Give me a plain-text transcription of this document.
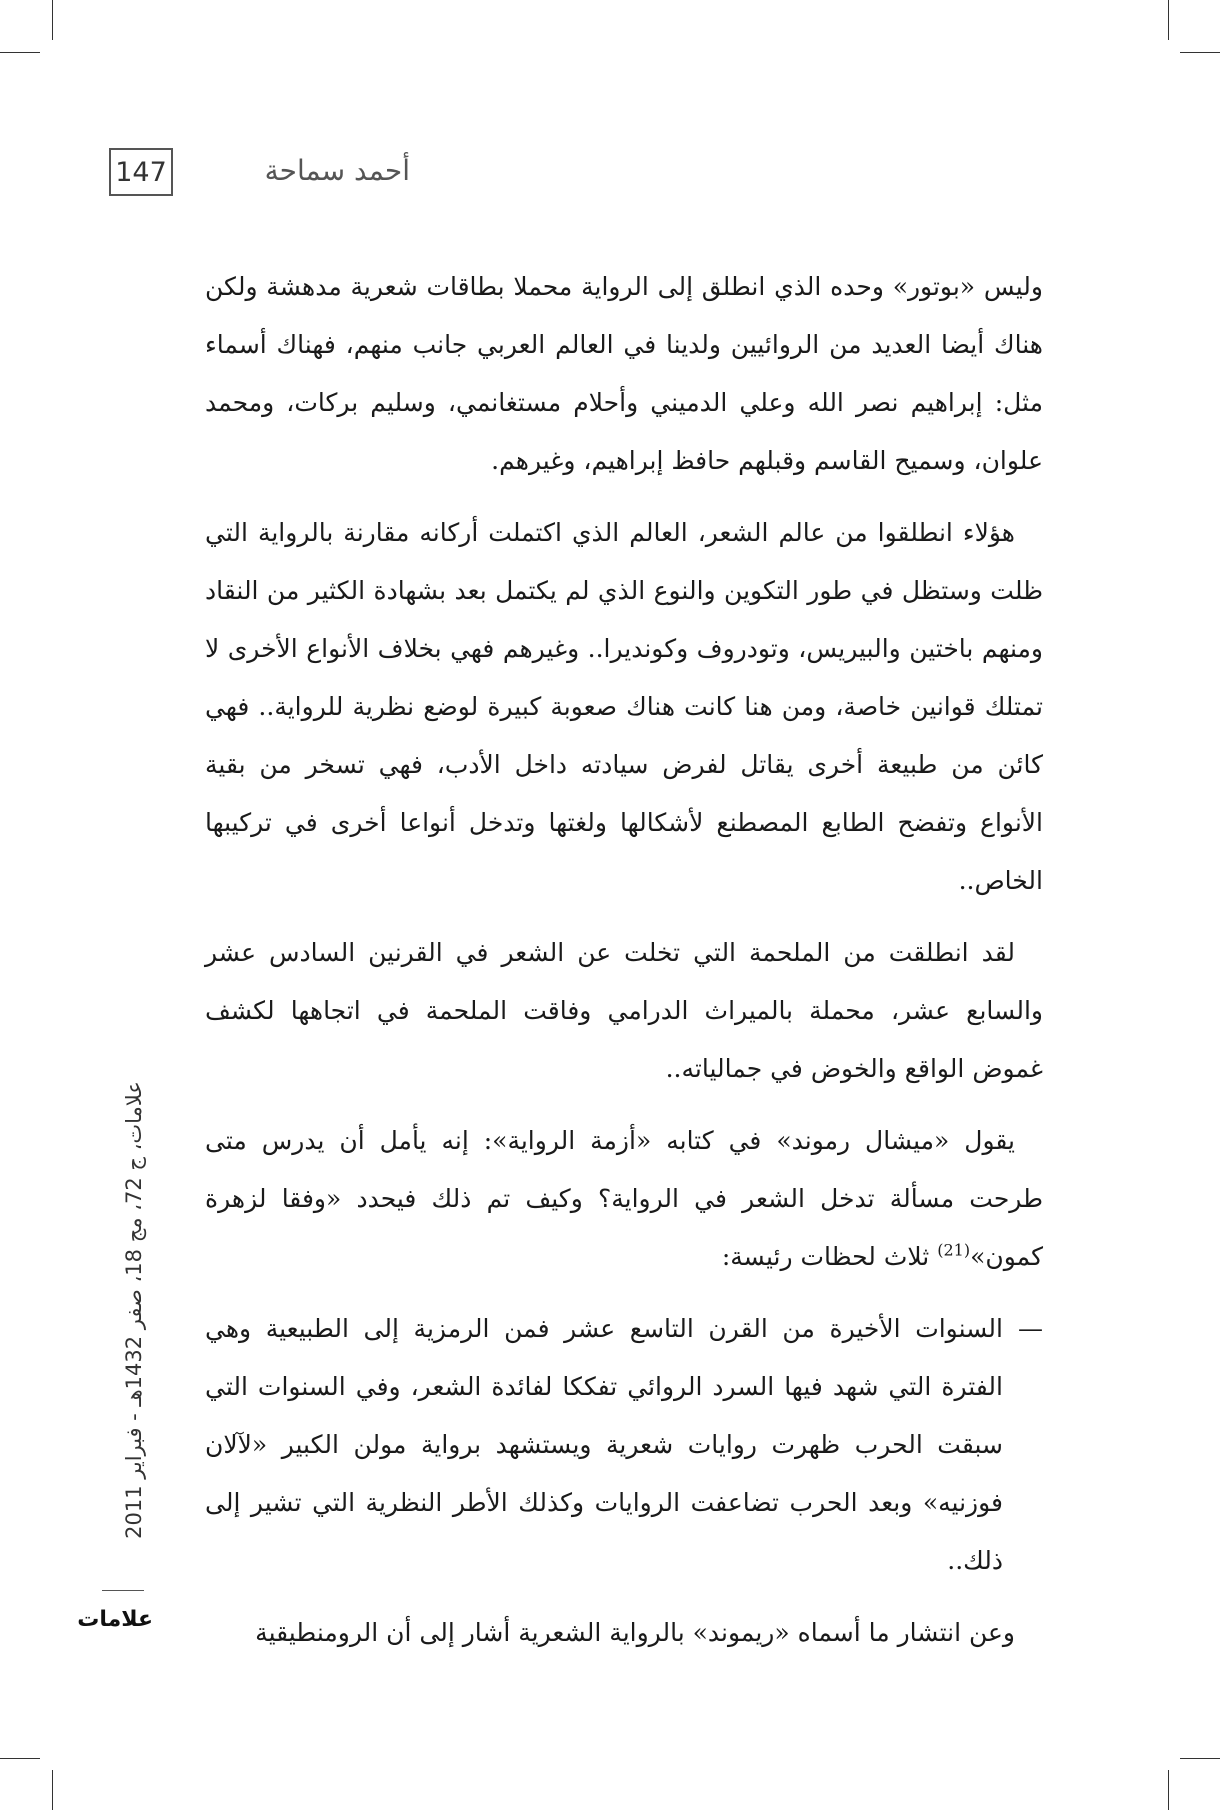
147	أحمد سماحة

وليس «بوتور» وحده الذي انطلق إلى الرواية محملا بطاقات شعرية مدهشة ولكن هناك أيضا العديد من الروائيين ولدينا في العالم العربي جانب منهم، فهناك أسماء مثل: إبراهيم نصر الله وعلي الدميني وأحلام مستغانمي، وسليم بركات، ومحمد علوان، وسميح القاسم وقبلهم حافظ إبراهيم، وغيرهم.

هؤلاء انطلقوا من عالم الشعر، العالم الذي اكتملت أركانه مقارنة بالرواية التي ظلت وستظل في طور التكوين والنوع الذي لم يكتمل بعد بشهادة الكثير من النقاد ومنهم باختين والبيريس، وتودروف وكونديرا.. وغيرهم فهي بخلاف الأنواع الأخرى لا تمتلك قوانين خاصة، ومن هنا كانت هناك صعوبة كبيرة لوضع نظرية للرواية.. فهي كائن من طبيعة أخرى يقاتل لفرض سيادته داخل الأدب، فهي تسخر من بقية الأنواع وتفضح الطابع المصطنع لأشكالها ولغتها وتدخل أنواعا أخرى في تركيبها الخاص..

لقد انطلقت من الملحمة التي تخلت عن الشعر في القرنين السادس عشر والسابع عشر، محملة بالميراث الدرامي وفاقت الملحمة في اتجاهها لكشف غموض الواقع والخوض في جمالياته..

يقول «ميشال رموند» في كتابه «أزمة الرواية»: إنه يأمل أن يدرس متى طرحت مسألة تدخل الشعر في الرواية؟ وكيف تم ذلك فيحدد «وفقا لزهرة كمون»$^{(21)}$ ثلاث لحظات رئيسة:

—
السنوات الأخيرة من القرن التاسع عشر فمن الرمزية إلى الطبيعية وهي الفترة التي شهد فيها السرد الروائي تفككا لفائدة الشعر، وفي السنوات التي سبقت الحرب ظهرت روايات شعرية ويستشهد برواية مولن الكبير «لآلان فوزنيه» وبعد الحرب تضاعفت الروايات وكذلك الأطر النظرية التي تشير إلى ذلك..

وعن انتشار ما أسماه «ريموند» بالرواية الشعرية أشار إلى أن الرومنطيقية

علامات، ج 72، مج 18، صفر 1432هـ - فبراير 2011
علامات
